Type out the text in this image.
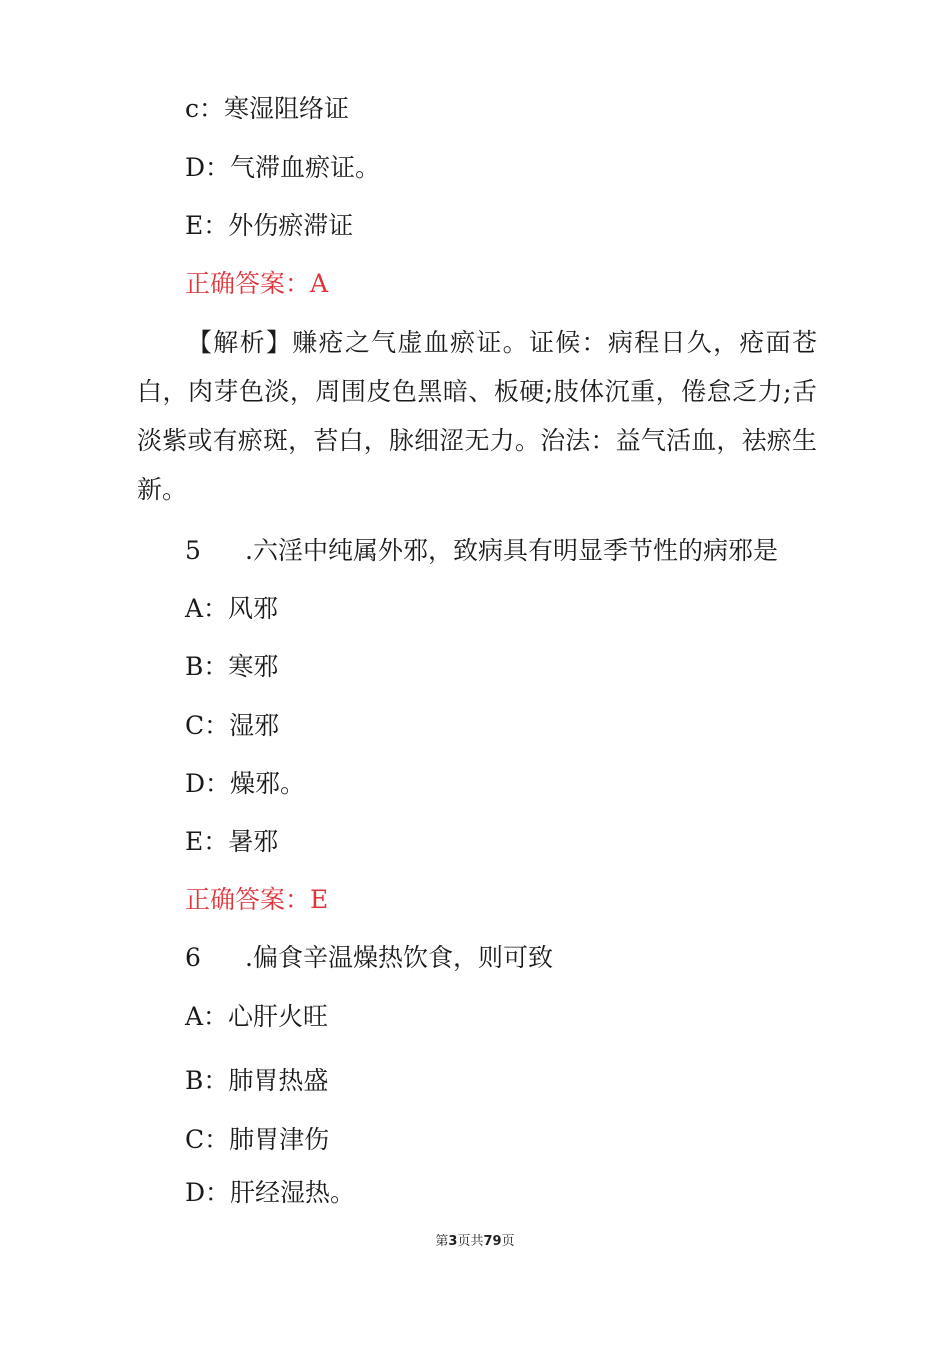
c：寒湿阻络证
D：气滞血瘀证。
E：外伤瘀滞证
正确答案：A
【解析】赚疮之气虚血瘀证。证候：病程日久，疮面苍白，肉芽色淡，周围皮色黑暗、板硬;肢体沉重，倦怠乏力;舌淡紫或有瘀斑，苔白，脉细涩无力。治法：益气活血，祛瘀生新。
5 .六淫中纯属外邪，致病具有明显季节性的病邪是
A：风邪
B：寒邪
C：湿邪
D：燥邪。
E：暑邪
正确答案：E
6 .偏食辛温燥热饮食，则可致
A：心肝火旺
B：肺胃热盛
C：肺胃津伤
D：肝经湿热。
第3页共79页
